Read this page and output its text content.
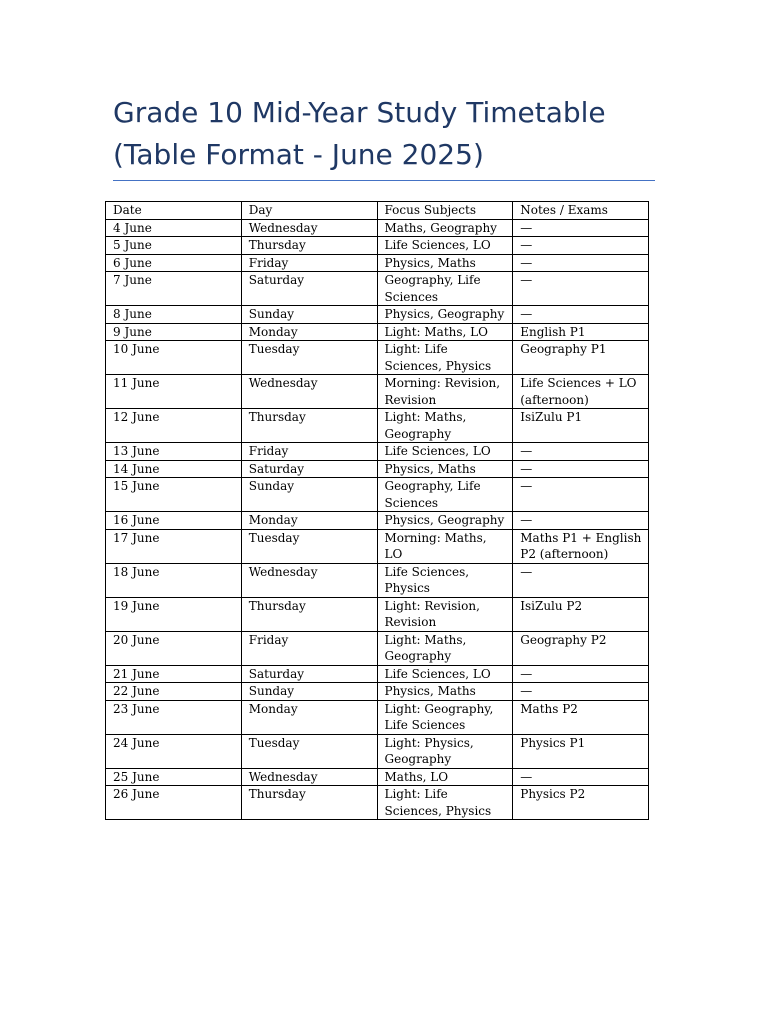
Grade 10 Mid-Year Study Timetable
(Table Format - June 2025)
Date	Day	Focus Subjects	Notes / Exams
4 June	Wednesday	Maths, Geography	—
5 June	Thursday	Life Sciences, LO	—
6 June	Friday	Physics, Maths	—
7 June	Saturday	Geography, Life Sciences	—
8 June	Sunday	Physics, Geography	—
9 June	Monday	Light: Maths, LO	English P1
10 June	Tuesday	Light: Life Sciences, Physics	Geography P1
11 June	Wednesday	Morning: Revision, Revision	Life Sciences + LO (afternoon)
12 June	Thursday	Light: Maths, Geography	IsiZulu P1
13 June	Friday	Life Sciences, LO	—
14 June	Saturday	Physics, Maths	—
15 June	Sunday	Geography, Life Sciences	—
16 June	Monday	Physics, Geography	—
17 June	Tuesday	Morning: Maths, LO	Maths P1 + English P2 (afternoon)
18 June	Wednesday	Life Sciences, Physics	—
19 June	Thursday	Light: Revision, Revision	IsiZulu P2
20 June	Friday	Light: Maths, Geography	Geography P2
21 June	Saturday	Life Sciences, LO	—
22 June	Sunday	Physics, Maths	—
23 June	Monday	Light: Geography, Life Sciences	Maths P2
24 June	Tuesday	Light: Physics, Geography	Physics P1
25 June	Wednesday	Maths, LO	—
26 June	Thursday	Light: Life Sciences, Physics	Physics P2
